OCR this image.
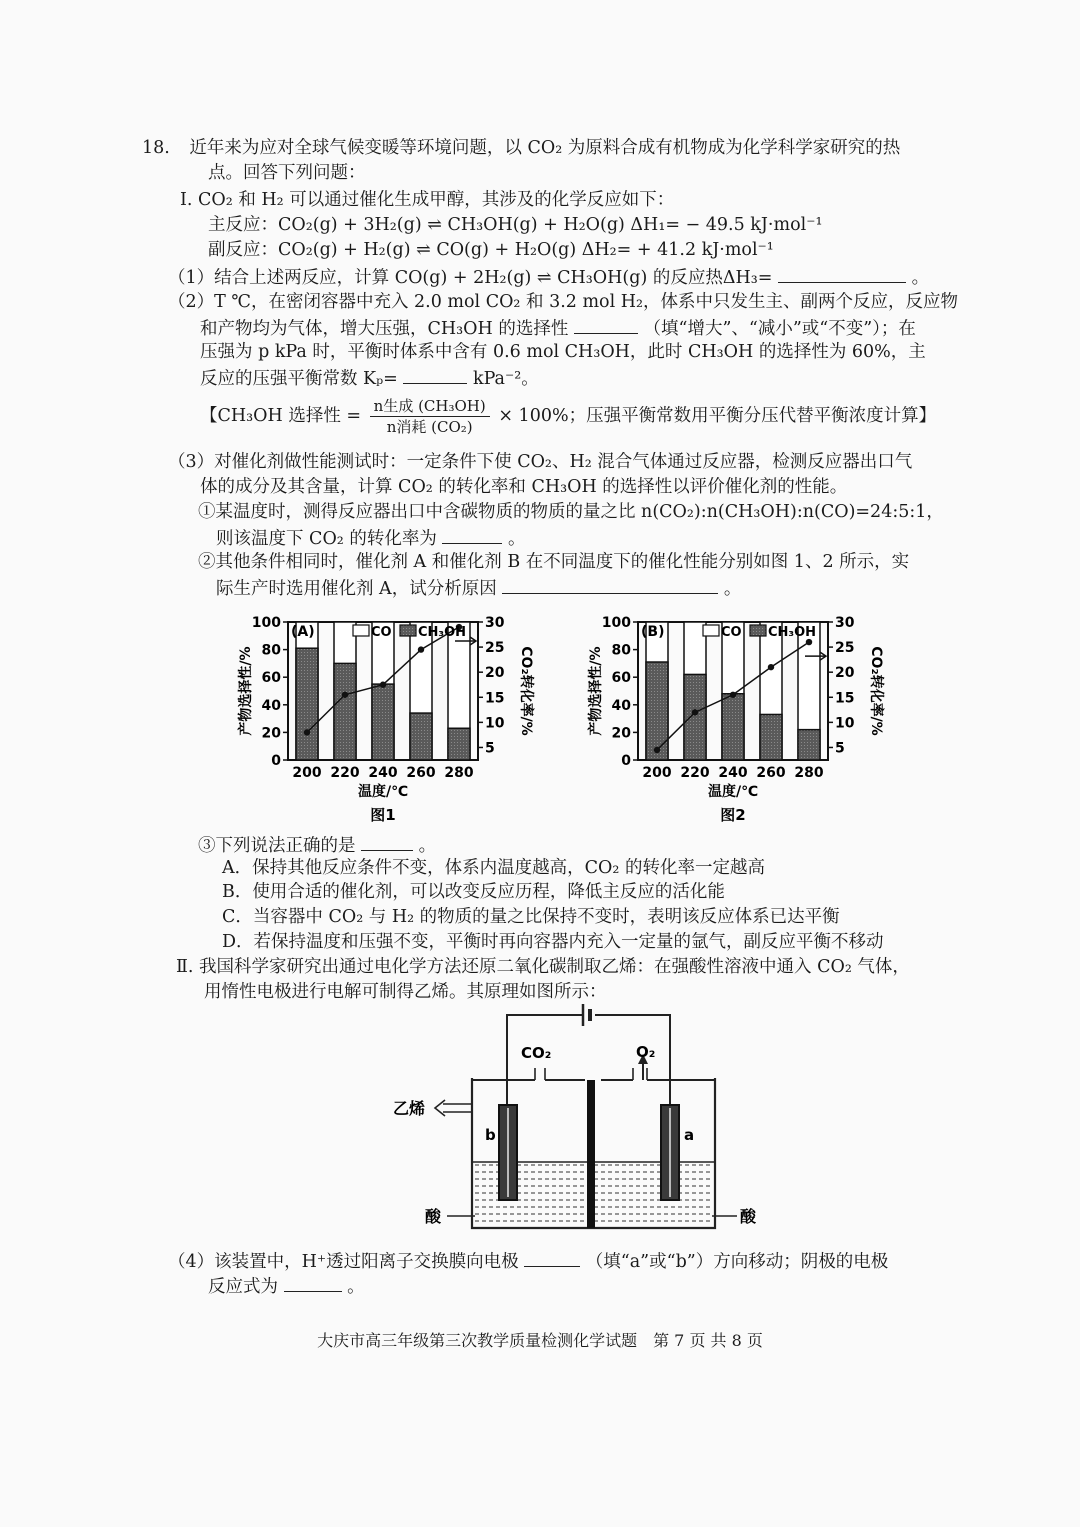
18. 近年来为应对全球气候变暖等环境问题，以 CO₂ 为原料合成有机物成为化学科学家研究的热
点。回答下列问题：
Ⅰ. CO₂ 和 H₂ 可以通过催化生成甲醇，其涉及的化学反应如下：
主反应：CO₂(g) + 3H₂(g) ⇌ CH₃OH(g) + H₂O(g) ΔH₁= − 49.5 kJ·mol⁻¹
副反应：CO₂(g) + H₂(g) ⇌ CO(g) + H₂O(g) ΔH₂= + 41.2 kJ·mol⁻¹
（1）结合上述两反应，计算 CO(g) + 2H₂(g) ⇌ CH₃OH(g) 的反应热ΔH₃=	。
（2）T ℃，在密闭容器中充入 2.0 mol CO₂ 和 3.2 mol H₂，体系中只发生主、副两个反应，反应物
和产物均为气体，增大压强，CH₃OH 的选择性	（填“增大”、“减小”或“不变”）；在
压强为 p kPa 时，平衡时体系中含有 0.6 mol CH₃OH，此时 CH₃OH 的选择性为 60%，主
反应的压强平衡常数 Kₚ=	kPa⁻²。
【CH₃OH 选择性 = $\frac{\text{n生成 (CH₃OH)}}{\text{n消耗 (CO₂)}} \times 100\%$；压强平衡常数用平衡分压代替平衡浓度计算】
（3）对催化剂做性能测试时：一定条件下使 CO₂、H₂ 混合气体通过反应器，检测反应器出口气
体的成分及其含量，计算 CO₂ 的转化率和 CH₃OH 的选择性以评价催化剂的性能。
①某温度时，测得反应器出口中含碳物质的物质的量之比 n(CO₂):n(CH₃OH):n(CO)=24:5:1，
则该温度下 CO₂ 的转化率为	。
②其他条件相同时，催化剂 A 和催化剂 B 在不同温度下的催化性能分别如图 1、2 所示，实
际生产时选用催化剂 A，试分析原因	。
200 220 240 260 280
0
20
40
60
80
100
5
10
15
20
25
30
(A)	CO CH₃OH
产物选择性/%	CO₂转化率/%
温度/℃
图1
200 220 240 260 280
0
20
40
60
80
100
5
10
15
20
25
30
(B)	CO CH₃OH
产物选择性/%	CO₂转化率/%
温度/℃
图2
③下列说法正确的是	。
A．保持其他反应条件不变，体系内温度越高，CO₂ 的转化率一定越高
B．使用合适的催化剂，可以改变反应历程，降低主反应的活化能
C．当容器中 CO₂ 与 H₂ 的物质的量之比保持不变时，表明该反应体系已达平衡
D．若保持温度和压强不变，平衡时再向容器内充入一定量的氩气，副反应平衡不移动
Ⅱ. 我国科学家研究出通过电化学方法还原二氧化碳制取乙烯：在强酸性溶液中通入 CO₂ 气体，
用惰性电极进行电解可制得乙烯。其原理如图所示：
CO₂	O₂
乙烯
b	a
酸	酸
（4）该装置中，H⁺透过阳离子交换膜向电极	（填“a”或“b”）方向移动；阴极的电极
反应式为	。
大庆市高三年级第三次教学质量检测化学试题　第 7 页 共 8 页
